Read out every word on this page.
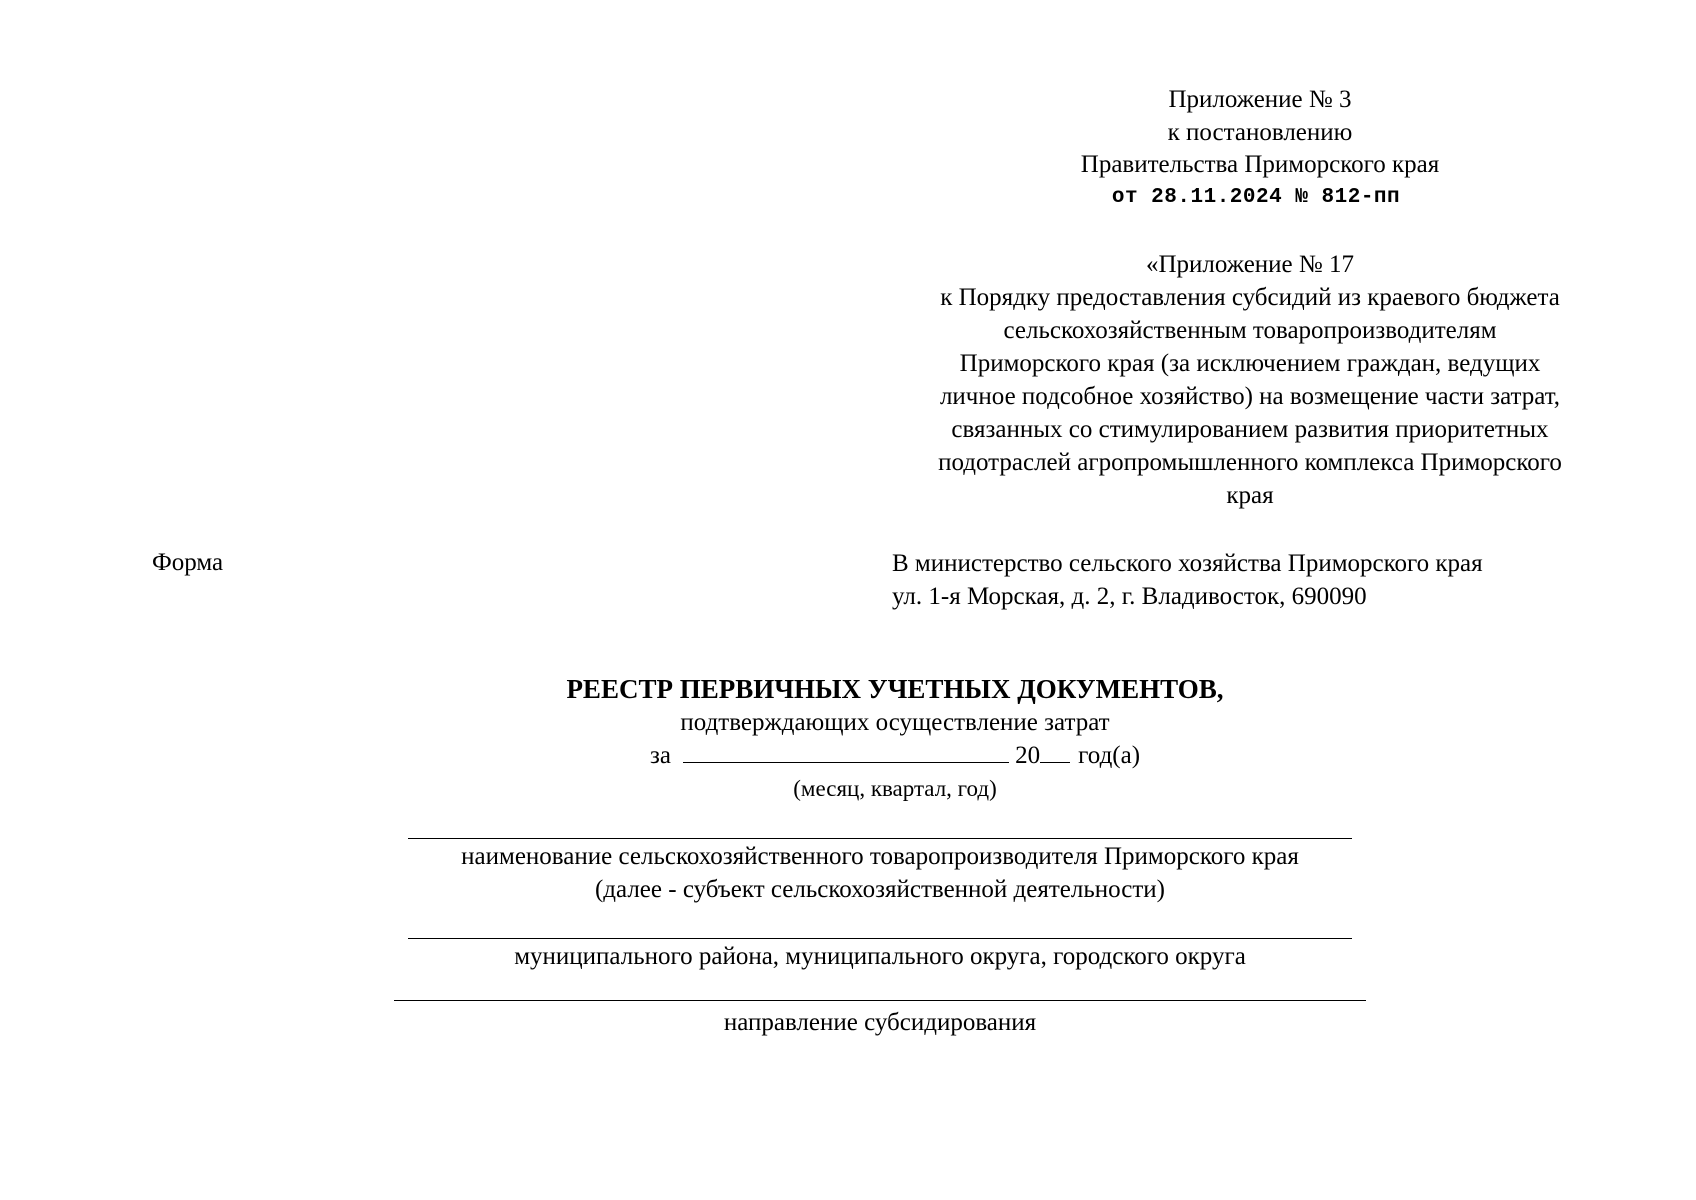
Приложение № 3
к постановлению
Правительства Приморского края
от 28.11.2024 № 812-пп
«Приложение № 17
к Порядку предоставления субсидий из краевого бюджета
сельскохозяйственным товаропроизводителям
Приморского края (за исключением граждан, ведущих
личное подсобное хозяйство) на возмещение части затрат,
связанных со стимулированием развития приоритетных
подотраслей агропромышленного комплекса Приморского
края
Форма	В министерство сельского хозяйства Приморского края
ул. 1-я Морская, д. 2, г. Владивосток, 690090
РЕЕСТР ПЕРВИЧНЫХ УЧЕТНЫХ ДОКУМЕНТОВ,
подтверждающих осуществление затрат
за	20 год(а)
(месяц, квартал, год)
наименование сельскохозяйственного товаропроизводителя Приморского края
(далее - субъект сельскохозяйственной деятельности)
муниципального района, муниципального округа, городского округа
направление субсидирования
